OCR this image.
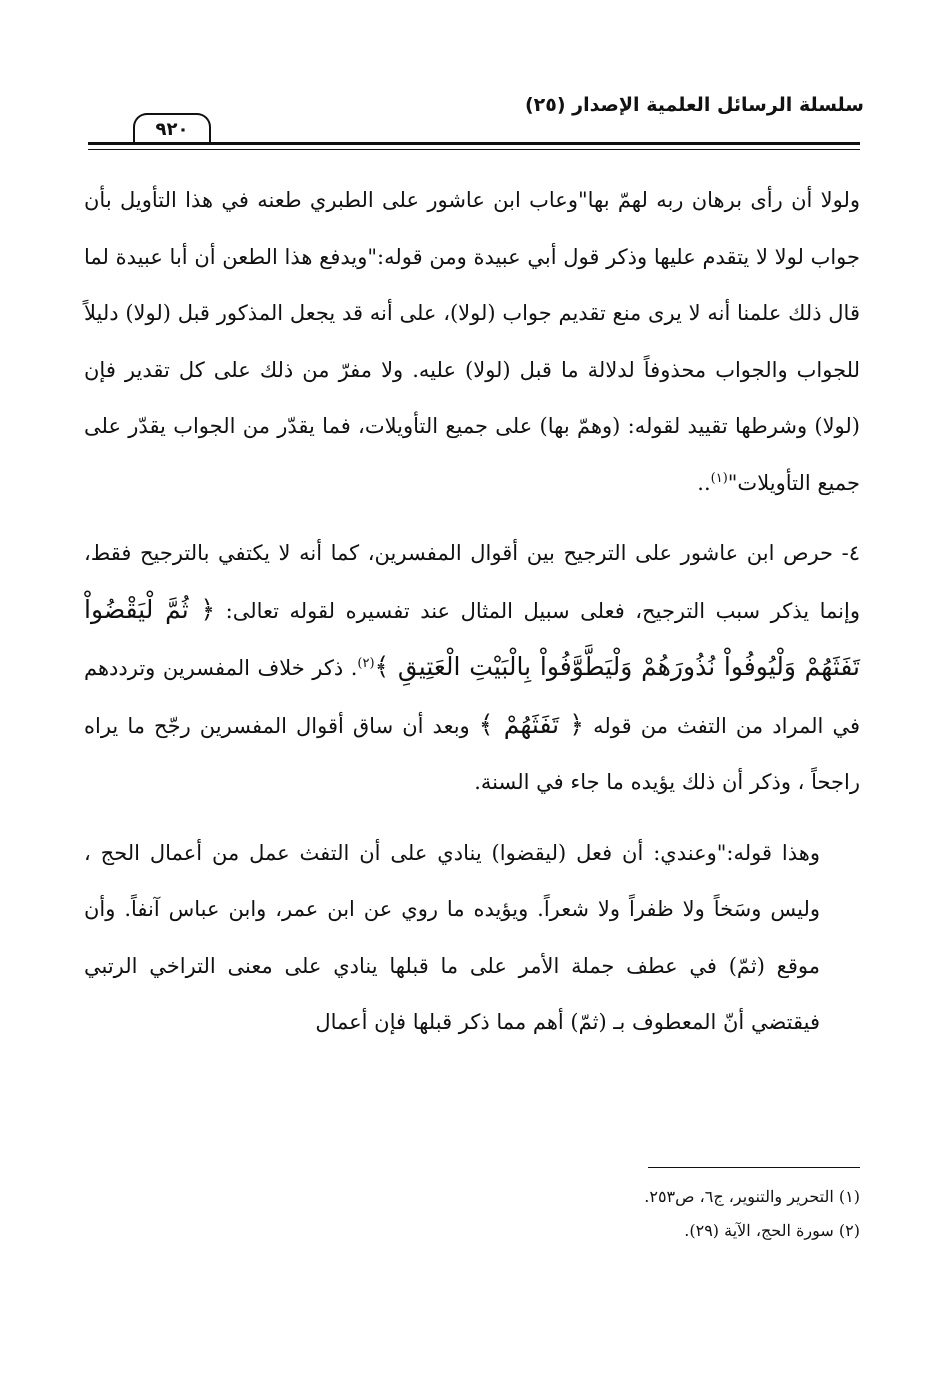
سلسلة الرسائل العلمية الإصدار (٢٥)
٩٢٠

ولولا أن رأى برهان ربه لهمّ بها"وعاب ابن عاشور على الطبري طعنه في هذا التأويل بأن جواب لولا لا يتقدم عليها وذكر قول أبي عبيدة ومن قوله:"ويدفع هذا الطعن أن أبا عبيدة لما قال ذلك علمنا أنه لا يرى منع تقديم جواب (لولا)، على أنه قد يجعل المذكور قبل (لولا) دليلاً للجواب والجواب محذوفاً لدلالة ما قبل (لولا) عليه. ولا مفرّ من ذلك على كل تقدير فإن (لولا) وشرطها تقييد لقوله: (وهمّ بها) على جميع التأويلات، فما يقدّر من الجواب يقدّر على جميع التأويلات"$^{(١)}$..

٤- حرص ابن عاشور على الترجيح بين أقوال المفسرين، كما أنه لا يكتفي بالترجيح فقط، وإنما يذكر سبب الترجيح، فعلى سبيل المثال عند تفسيره لقوله تعالى: ﴿ ثُمَّ لْيَقْضُواْ تَفَثَهُمْ وَلْيُوفُواْ نُذُورَهُمْ وَلْيَطَّوَّفُواْ بِالْبَيْتِ الْعَتِيقِ ﴾$^{(٢)}$. ذكر خلاف المفسرين وترددهم في المراد من التفث من قوله ﴿ تَفَثَهُمْ ﴾ وبعد أن ساق أقوال المفسرين رجّح ما يراه راجحاً ، وذكر أن ذلك يؤيده ما جاء في السنة.

وهذا قوله:"وعندي: أن فعل (ليقضوا) ينادي على أن التفث عمل من أعمال الحج ، وليس وسَخاً ولا ظفراً ولا شعراً. ويؤيده ما روي عن ابن عمر، وابن عباس آنفاً. وأن موقع (ثمّ) في عطف جملة الأمر على ما قبلها ينادي على معنى التراخي الرتبي فيقتضي أنّ المعطوف بـ (ثمّ) أهم مما ذكر قبلها فإن أعمال

(١) التحرير والتنوير، ج٦، ص٢٥٣.

(٢) سورة الحج، الآية (٢٩).
